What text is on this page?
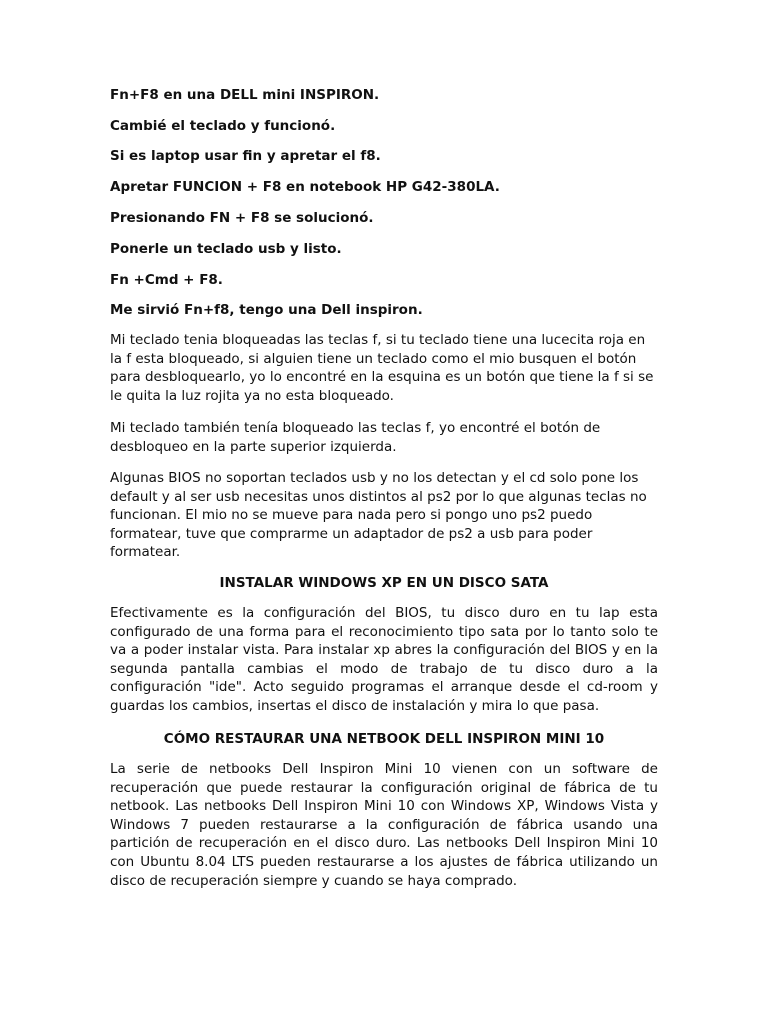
Fn+F8 en una DELL mini INSPIRON.
Cambié el teclado y funcionó.
Si es laptop usar fin y apretar el f8.
Apretar FUNCION + F8 en notebook HP G42-380LA.
Presionando FN + F8 se solucionó.
Ponerle un teclado usb y listo.
Fn +Cmd + F8.
Me sirvió Fn+f8, tengo una Dell inspiron.
Mi teclado tenia bloqueadas las teclas f, si tu teclado tiene una lucecita roja en la f esta bloqueado, si alguien tiene un teclado como el mio busquen el botón para desbloquearlo, yo lo encontré en la esquina es un botón que tiene la f si se le quita la luz rojita ya no esta bloqueado.
Mi teclado también tenía bloqueado las teclas f, yo encontré el botón de desbloqueo en la parte superior izquierda.
Algunas BIOS no soportan teclados usb y no los detectan y el cd solo pone los default y al ser usb necesitas unos distintos al ps2 por lo que algunas teclas no funcionan. El mio no se mueve para nada pero si pongo uno ps2 puedo formatear, tuve que comprarme un adaptador de ps2 a usb para poder formatear.
INSTALAR WINDOWS XP EN UN DISCO SATA
Efectivamente es la configuración del BIOS, tu disco duro en tu lap esta configurado de una forma para el reconocimiento tipo sata por lo tanto solo te va a poder instalar vista. Para instalar xp abres la configuración del BIOS y en la segunda pantalla cambias el modo de trabajo de tu disco duro a la configuración "ide". Acto seguido programas el arranque desde el cd-room y guardas los cambios, insertas el disco de instalación y mira lo que pasa.
CÓMO RESTAURAR UNA NETBOOK DELL INSPIRON MINI 10
La serie de netbooks Dell Inspiron Mini 10 vienen con un software de recuperación que puede restaurar la configuración original de fábrica de tu netbook. Las netbooks Dell Inspiron Mini 10 con Windows XP, Windows Vista y Windows 7 pueden restaurarse a la configuración de fábrica usando una partición de recuperación en el disco duro. Las netbooks Dell Inspiron Mini 10 con Ubuntu 8.04 LTS pueden restaurarse a los ajustes de fábrica utilizando un disco de recuperación siempre y cuando se haya comprado.
